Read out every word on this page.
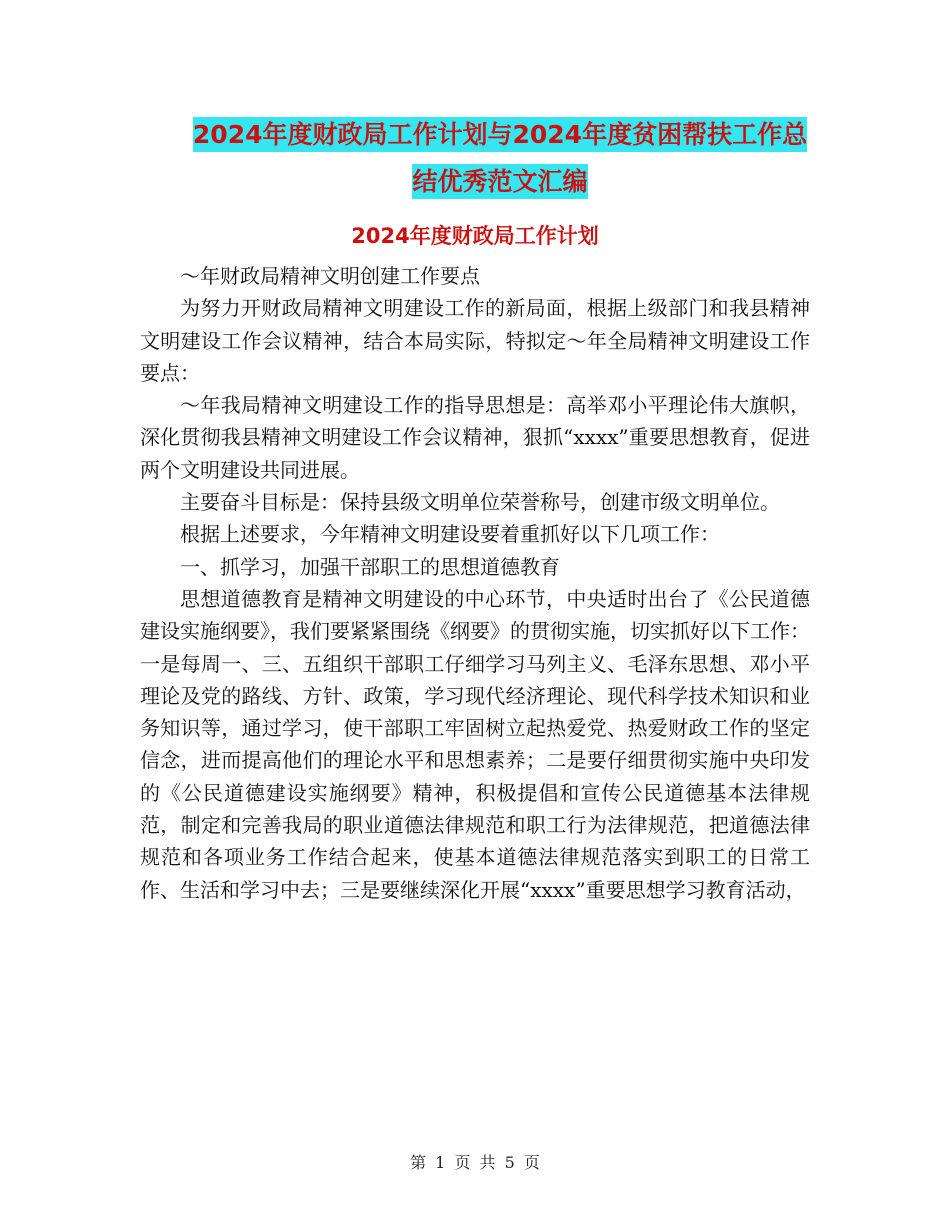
2024年度财政局工作计划与2024年度贫困帮扶工作总
结优秀范文汇编
2024年度财政局工作计划

～年财政局精神文明创建工作要点

为努力开财政局精神文明建设工作的新局面，根据上级部门和我县精神文明建设工作会议精神，结合本局实际，特拟定～年全局精神文明建设工作要点：

～年我局精神文明建设工作的指导思想是：高举邓小平理论伟大旗帜，深化贯彻我县精神文明建设工作会议精神，狠抓“xxxx”重要思想教育，促进两个文明建设共同进展。

主要奋斗目标是：保持县级文明单位荣誉称号，创建市级文明单位。

根据上述要求，今年精神文明建设要着重抓好以下几项工作：

一、抓学习，加强干部职工的思想道德教育

思想道德教育是精神文明建设的中心环节，中央适时出台了《公民道德建设实施纲要》，我们要紧紧围绕《纲要》的贯彻实施，切实抓好以下工作：一是每周一、三、五组织干部职工仔细学习马列主义、毛泽东思想、邓小平理论及党的路线、方针、政策，学习现代经济理论、现代科学技术知识和业务知识等，通过学习，使干部职工牢固树立起热爱党、热爱财政工作的坚定信念，进而提高他们的理论水平和思想素养；二是要仔细贯彻实施中央印发的《公民道德建设实施纲要》精神，积极提倡和宣传公民道德基本法律规范，制定和完善我局的职业道德法律规范和职工行为法律规范，把道德法律规范和各项业务工作结合起来，使基本道德法律规范落实到职工的日常工作、生活和学习中去；三是要继续深化开展“xxxx”重要思想学习教育活动，

第 1 页 共 5 页
